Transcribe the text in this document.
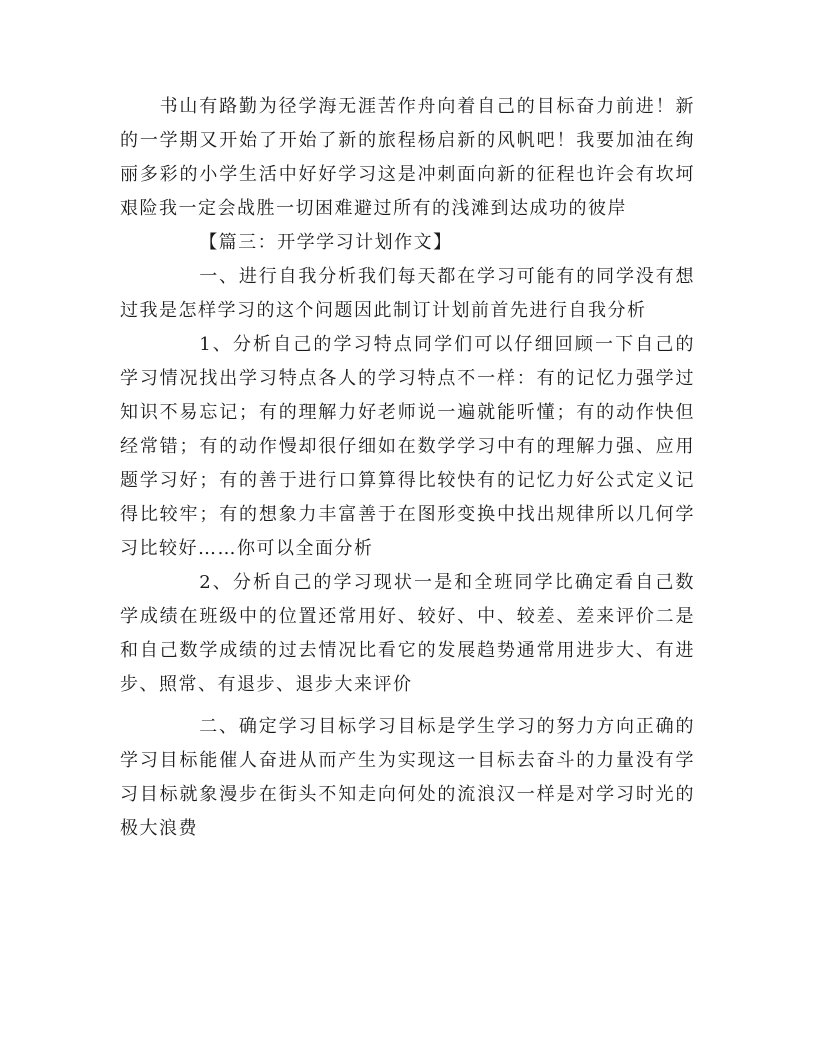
书山有路勤为径学海无涯苦作舟向着自己的目标奋力前进！新的一学期又开始了开始了新的旅程杨启新的风帆吧！我要加油在绚丽多彩的小学生活中好好学习这是冲刺面向新的征程也许会有坎坷艰险我一定会战胜一切困难避过所有的浅滩到达成功的彼岸

【篇三：开学学习计划作文】

一、进行自我分析我们每天都在学习可能有的同学没有想过我是怎样学习的这个问题因此制订计划前首先进行自我分析

1、分析自己的学习特点同学们可以仔细回顾一下自己的学习情况找出学习特点各人的学习特点不一样：有的记忆力强学过知识不易忘记；有的理解力好老师说一遍就能听懂；有的动作快但经常错；有的动作慢却很仔细如在数学学习中有的理解力强、应用题学习好；有的善于进行口算算得比较快有的记忆力好公式定义记得比较牢；有的想象力丰富善于在图形变换中找出规律所以几何学习比较好……你可以全面分析

2、分析自己的学习现状一是和全班同学比确定看自己数学成绩在班级中的位置还常用好、较好、中、较差、差来评价二是和自己数学成绩的过去情况比看它的发展趋势通常用进步大、有进步、照常、有退步、退步大来评价

二、确定学习目标学习目标是学生学习的努力方向正确的学习目标能催人奋进从而产生为实现这一目标去奋斗的力量没有学习目标就象漫步在街头不知走向何处的流浪汉一样是对学习时光的极大浪费
